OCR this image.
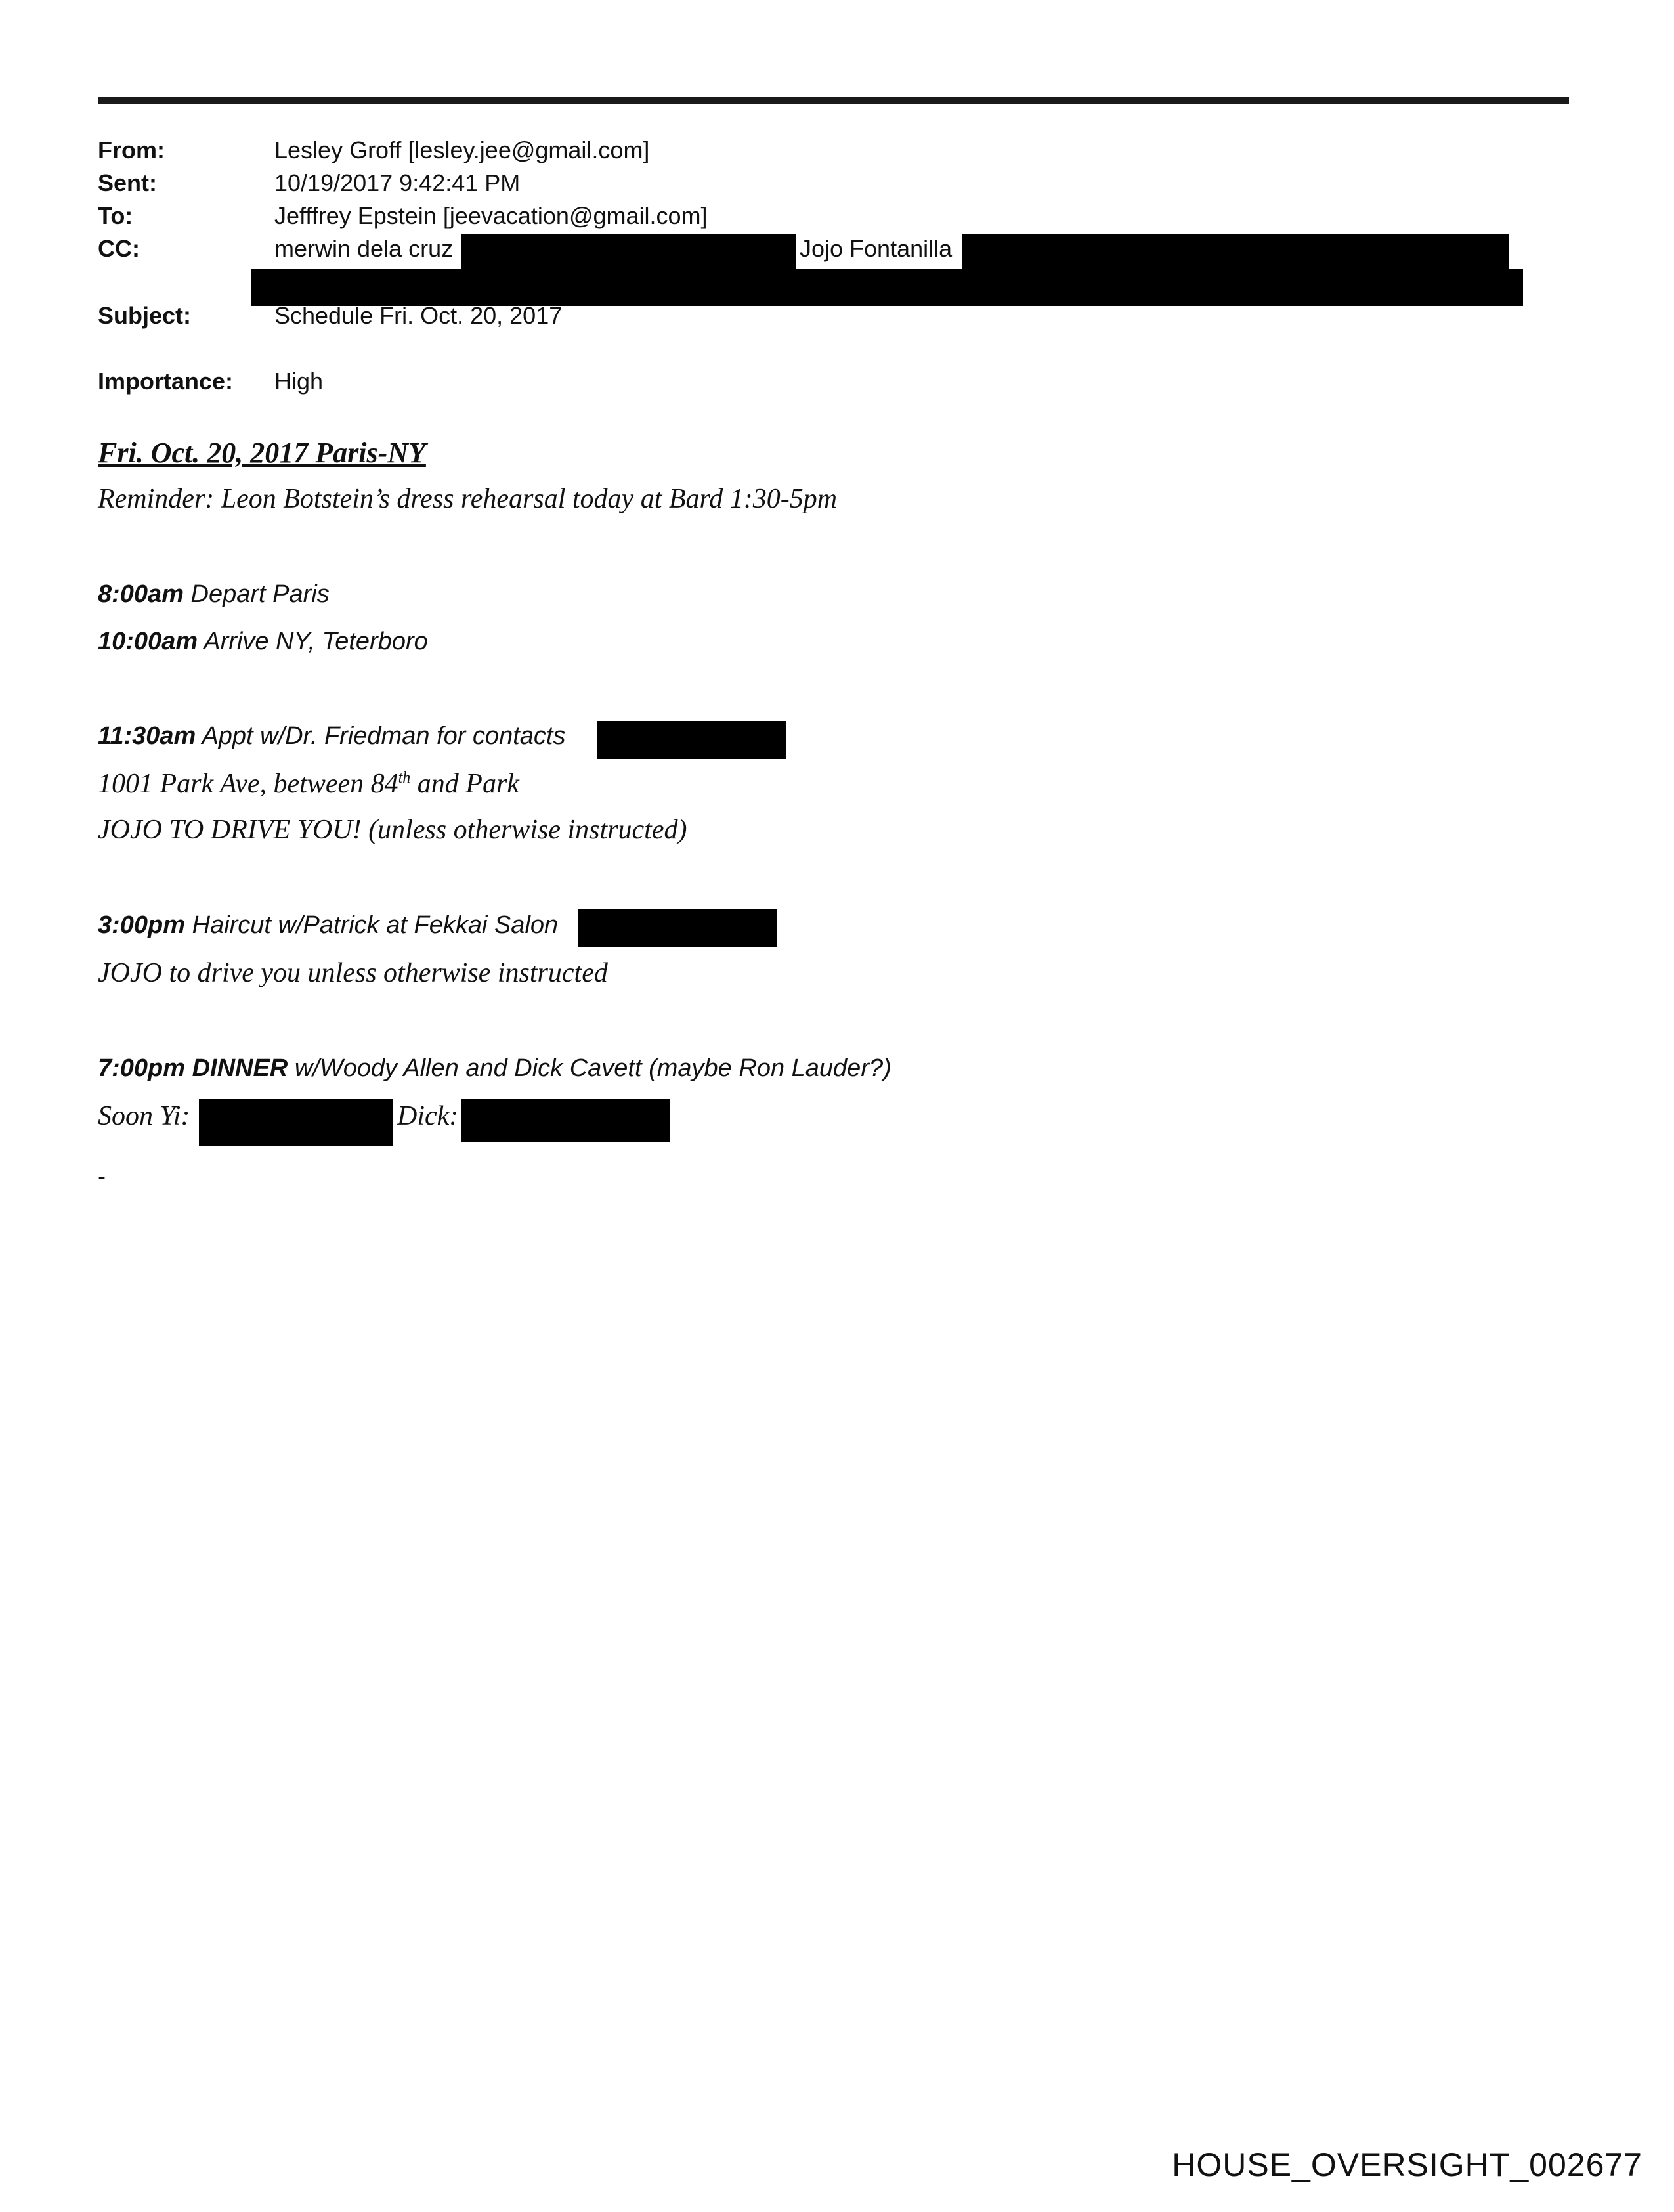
From:	Lesley Groff [lesley.jee@gmail.com]
Sent:	10/19/2017 9:42:41 PM
To:	Jefffrey Epstein [jeevacation@gmail.com]
CC:	merwin dela cruz	Jojo Fontanilla
Subject:	Schedule Fri. Oct. 20, 2017
Importance: High
Fri. Oct. 20, 2017 Paris-NY
Reminder: Leon Botstein’s dress rehearsal today at Bard 1:30-5pm
8:00am Depart Paris
10:00am Arrive NY, Teterboro
11:30am Appt w/Dr. Friedman for contacts
1001 Park Ave, between 84th and Park
JOJO TO DRIVE YOU! (unless otherwise instructed)
3:00pm Haircut w/Patrick at Fekkai Salon
JOJO to drive you unless otherwise instructed
7:00pm DINNER w/Woody Allen and Dick Cavett (maybe Ron Lauder?)
Soon Yi:	Dick:
-
HOUSE_OVERSIGHT_002677
